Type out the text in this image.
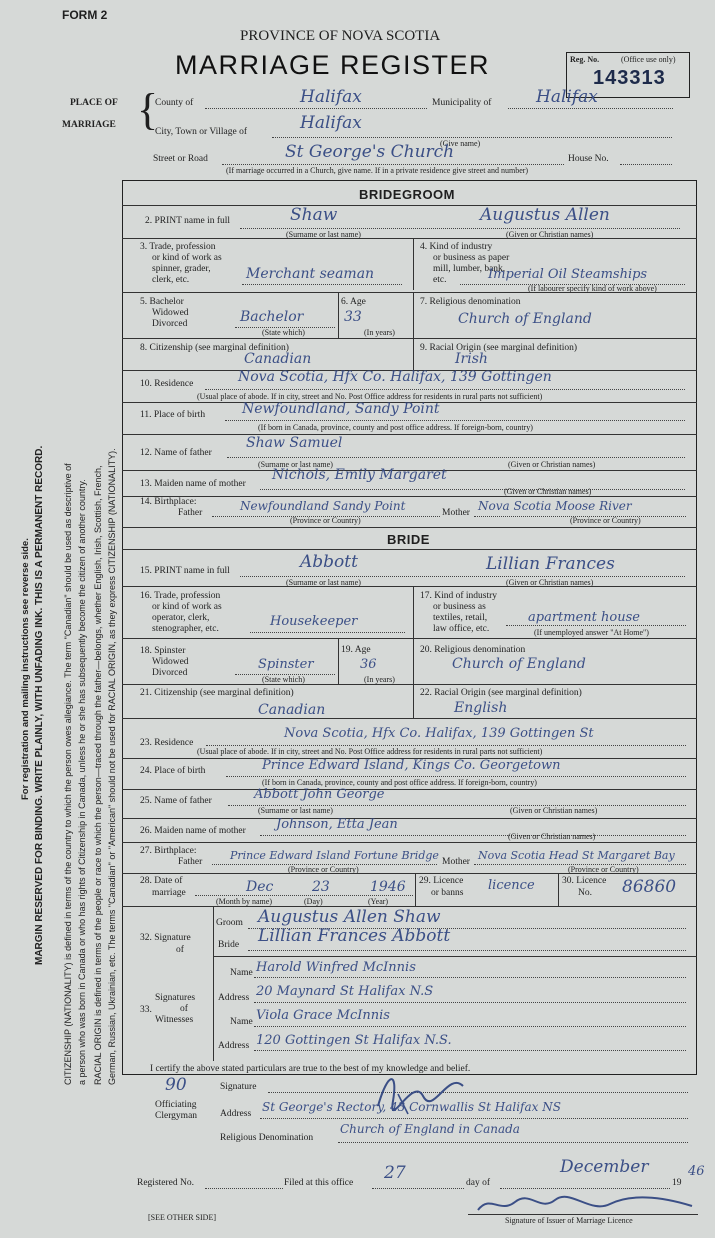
For registration and mailing instructions see reverse side. MARGIN RESERVED FOR BINDING. WRITE PLAINLY, WITH UNFADING INK. THIS IS A PERMANENT RECORD. CITIZENSHIP (NATIONALITY) is defined in terms of the country to which the person owes allegiance. The term "Canadian" should be used as descriptive of a person who was born in Canada or who has rights of Citizenship in Canada, unless he or she has subsequently become the citizen of another country. RACIAL ORIGIN is defined in terms of the people or race to which the person—traced through the father—belongs, whether English, Irish, Scottish, French, German, Russian, Ukrainian, etc. The terms "Canadian" or "American" should not be used for RACIAL ORIGIN, as they express CITIZENSHIP (NATIONALITY).
FORM 2
PROVINCE OF NOVA SCOTIA
MARRIAGE REGISTER	Reg. No.	(Office use only)
143313
PLACE OF
MARRIAGE {
County of	Halifax	Municipality of	Halifax
City, Town or Village of	Halifax
(Give name)
Street or Road	St George's Church	House No.
(If marriage occurred in a Church, give name. If in a private residence give street and number)
BRIDEGROOM
2. PRINT name in full	Shaw	Augustus Allen
(Surname or last name)	(Given or Christian names)
3. Trade, profession
or kind of work as
spinner, grader,
clerk, etc.	Merchant seaman
4. Kind of industry
or business as paper
mill, lumber, bank,
etc.	Imperial Oil Steamships
(If labourer specify kind of work above)
5. Bachelor
Widowed
Divorced	Bachelor
(State which)
6. Age
33
(In years)
7. Religious denomination
Church of England
8. Citizenship (see marginal definition)
Canadian
9. Racial Origin (see marginal definition)
Irish
10. Residence	Nova Scotia, Hfx Co. Halifax, 139 Gottingen
(Usual place of abode. If in city, street and No. Post Office address for residents in rural parts not sufficient)
11. Place of birth	Newfoundland, Sandy Point
(If born in Canada, province, county and post office address. If foreign-born, country)
12. Name of father
Shaw Samuel
(Surname or last name)	(Given or Christian names)
13. Maiden name of mother
Nichols, Emily Margaret
(Given or Christian names)
14. Birthplace:
Father	Newfoundland Sandy Point
(Province or Country)
Mother Nova Scotia Moose River
(Province or Country)
BRIDE
15. PRINT name in full	Abbott	Lillian Frances
(Surname or last name)	(Given or Christian names)
16. Trade, profession
or kind of work as
operator, clerk,
stenographer, etc.	Housekeeper
17. Kind of industry
or business as
textiles, retail,
law office, etc.
apartment house
(If unemployed answer "At Home")
18. Spinster
Widowed
Divorced
Spinster
(State which)
19. Age
36
(In years)
20. Religious denomination
Church of England
21. Citizenship (see marginal definition)
Canadian
22. Racial Origin (see marginal definition)
English
23. Residence
Nova Scotia, Hfx Co. Halifax, 139 Gottingen St
(Usual place of abode. If in city, street and No. Post Office address for residents in rural parts not sufficient)
24. Place of birth	Prince Edward Island, Kings Co. Georgetown
(If born in Canada, province, county and post office address. If foreign-born, country)
25. Name of father	Abbott John George
(Surname or last name)	(Given or Christian names)
26. Maiden name of mother Johnson, Etta Jean
(Given or Christian names)
27. Birthplace:
Father	Prince Edward Island Fortune Bridge
(Province or Country)
Mother Nova Scotia Head St Margaret Bay
(Province or Country)
28. Date of
marriage	Dec	23	1946
(Month by name)	(Day)	(Year)
29. Licence
or banns licence	30. Licence
No. 86860
32. Signature
of
Groom Augustus Allen Shaw
Bride Lillian Frances Abbott
Signatures
of
Witnesses
33.
Name Harold Winfred McInnis
Address 20 Maynard St Halifax N.S
Name Viola Grace McInnis
Address 120 Gottingen St Halifax N.S.
I certify the above stated particulars are true to the best of my knowledge and belief.
90
Officiating
Clergyman
Signature
Address St George's Rectory, 43 Cornwallis St Halifax NS
Religious Denomination
Church of England in Canada
Registered No.	Filed at this office 27	day of
December
19
46
Signature of Issuer of Marriage Licence
[SEE OTHER SIDE]
